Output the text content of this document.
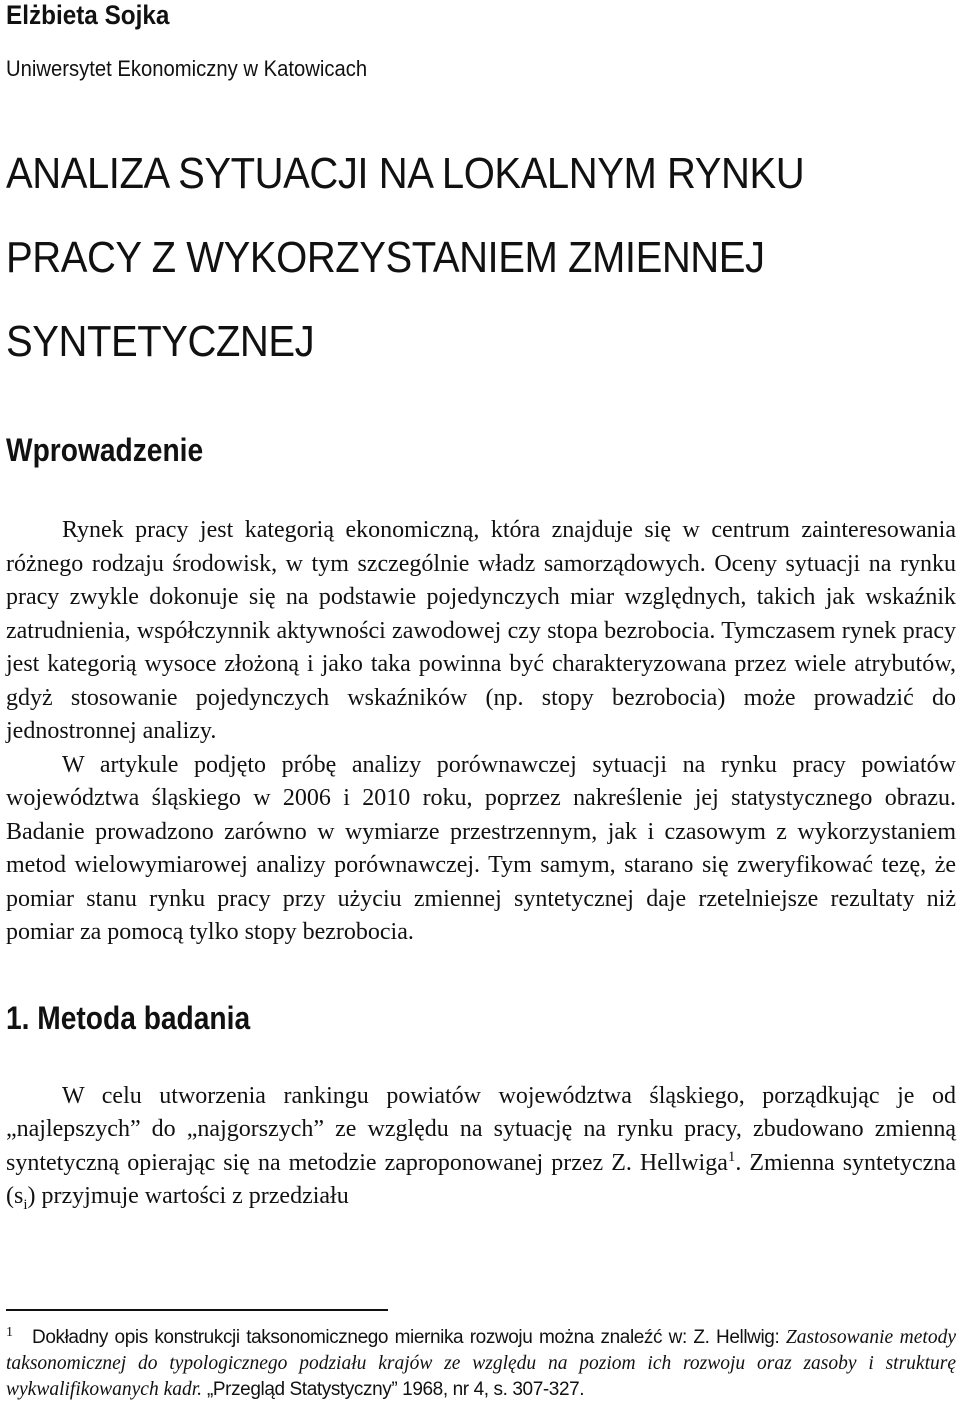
Elżbieta Sojka

Uniwersytet Ekonomiczny w Katowicach

ANALIZA SYTUACJI NA LOKALNYM RYNKU
PRACY Z WYKORZYSTANIEM ZMIENNEJ
SYNTETYCZNEJ
Wprowadzenie

Rynek pracy jest kategorią ekonomiczną, która znajduje się w centrum zainteresowania różnego rodzaju środowisk, w tym szczególnie władz samorządowych. Oceny sytuacji na rynku pracy zwykle dokonuje się na podstawie pojedynczych miar względnych, takich jak wskaźnik zatrudnienia, współczynnik aktywności zawodowej czy stopa bezrobocia. Tymczasem rynek pracy jest kategorią wysoce złożoną i jako taka powinna być charakteryzowana przez wiele atrybutów, gdyż stosowanie pojedynczych wskaźników (np. stopy bezrobocia) może prowadzić do jednostronnej analizy.

W artykule podjęto próbę analizy porównawczej sytuacji na rynku pracy powiatów województwa śląskiego w 2006 i 2010 roku, poprzez nakreślenie jej statystycznego obrazu. Badanie prowadzono zarówno w wymiarze przestrzennym, jak i czasowym z wykorzystaniem metod wielowymiarowej analizy porównawczej. Tym samym, starano się zweryfikować tezę, że pomiar stanu rynku pracy przy użyciu zmiennej syntetycznej daje rzetelniejsze rezultaty niż pomiar za pomocą tylko stopy bezrobocia.

1. Metoda badania

W celu utworzenia rankingu powiatów województwa śląskiego, porządkując je od „najlepszych” do „najgorszych” ze względu na sytuację na rynku pracy, zbudowano zmienną syntetyczną opierając się na metodzie zaproponowanej przez Z. Hellwiga$^1$. Zmienna syntetyczna $(s_i)$ przyjmuje wartości z przedziału

1 Dokładny opis konstrukcji taksonomicznego miernika rozwoju można znaleźć w: Z. Hellwig: Zastosowanie metody taksonomicznej do typologicznego podziału krajów ze względu na poziom ich rozwoju oraz zasoby i strukturę wykwalifikowanych kadr. „Przegląd Statystyczny” 1968, nr 4, s. 307-327.
